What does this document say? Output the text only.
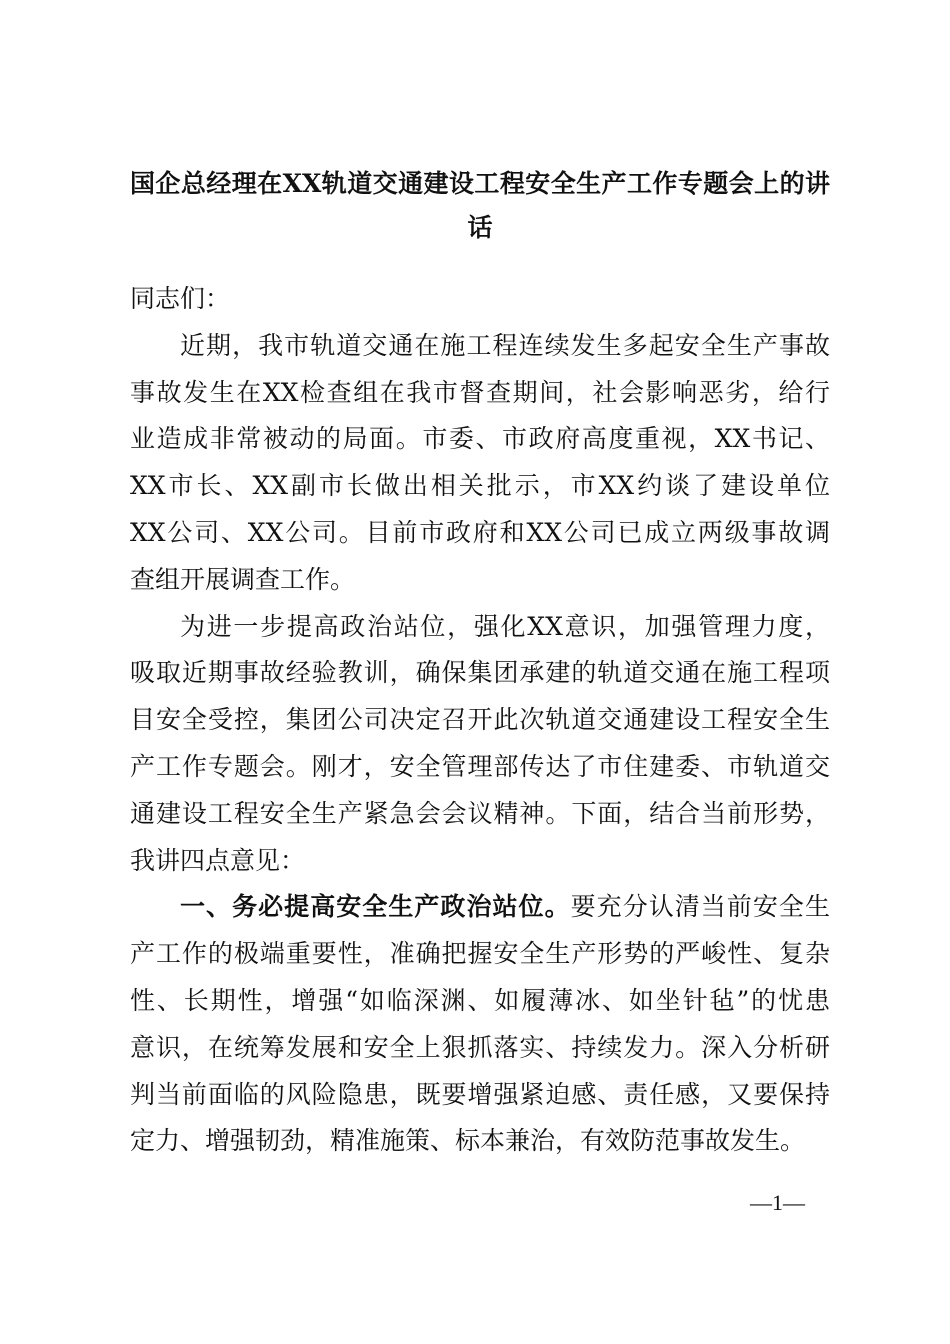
国企总经理在XX轨道交通建设工程安全生产工作专题会上的讲
话
同志们：
近期，我市轨道交通在施工程连续发生多起安全生产事故
事故发生在XX检查组在我市督查期间，社会影响恶劣，给行
业造成非常被动的局面。市委、市政府高度重视，XX书记、
XX市长、XX副市长做出相关批示，市XX约谈了建设单位
XX公司、XX公司。目前市政府和XX公司已成立两级事故调
查组开展调查工作。
为进一步提高政治站位，强化XX意识，加强管理力度，
吸取近期事故经验教训，确保集团承建的轨道交通在施工程项
目安全受控，集团公司决定召开此次轨道交通建设工程安全生
产工作专题会。刚才，安全管理部传达了市住建委、市轨道交
通建设工程安全生产紧急会会议精神。下面，结合当前形势，
我讲四点意见：
一、务必提高安全生产政治站位。要充分认清当前安全生
产工作的极端重要性，准确把握安全生产形势的严峻性、复杂
性、长期性，增强“如临深渊、如履薄冰、如坐针毡”的忧患
意识，在统筹发展和安全上狠抓落实、持续发力。深入分析研
判当前面临的风险隐患，既要增强紧迫感、责任感，又要保持
定力、增强韧劲，精准施策、标本兼治，有效防范事故发生。
—1—
